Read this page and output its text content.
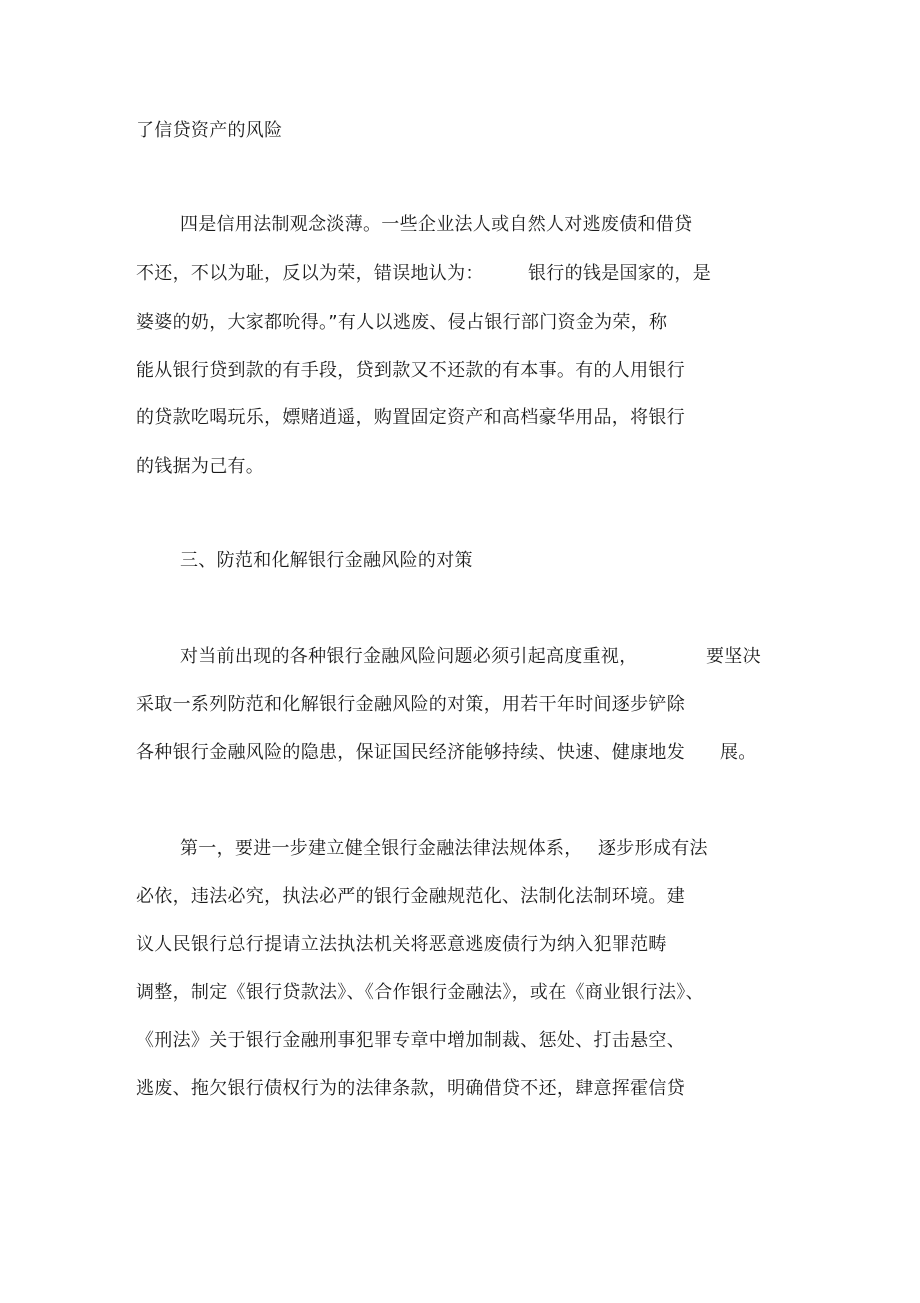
了信贷资产的风险

四是信用法制观念淡薄。一些企业法人或自然人对逃废债和借贷

不还，不以为耻，反以为荣，错误地认为： 银行的钱是国家的，是

婆婆的奶，大家都吮得。”有人以逃废、侵占银行部门资金为荣，称

能从银行贷到款的有手段，贷到款又不还款的有本事。有的人用银行

的贷款吃喝玩乐，嫖赌逍遥，购置固定资产和高档豪华用品，将银行

的钱据为己有。

三、防范和化解银行金融风险的对策

对当前出现的各种银行金融风险问题必须引起高度重视，	要坚决

采取一系列防范和化解银行金融风险的对策，用若干年时间逐步铲除

各种银行金融风险的隐患，保证国民经济能够持续、快速、健康地发 展。

第一，要进一步建立健全银行金融法律法规体系， 逐步形成有法

必依，违法必究，执法必严的银行金融规范化、法制化法制环境。建

议人民银行总行提请立法执法机关将恶意逃废债行为纳入犯罪范畴

调整，制定《银行贷款法》、《合作银行金融法》，或在《商业银行法》、

《刑法》关于银行金融刑事犯罪专章中增加制裁、惩处、打击悬空、

逃废、拖欠银行债权行为的法律条款，明确借贷不还，肆意挥霍信贷
